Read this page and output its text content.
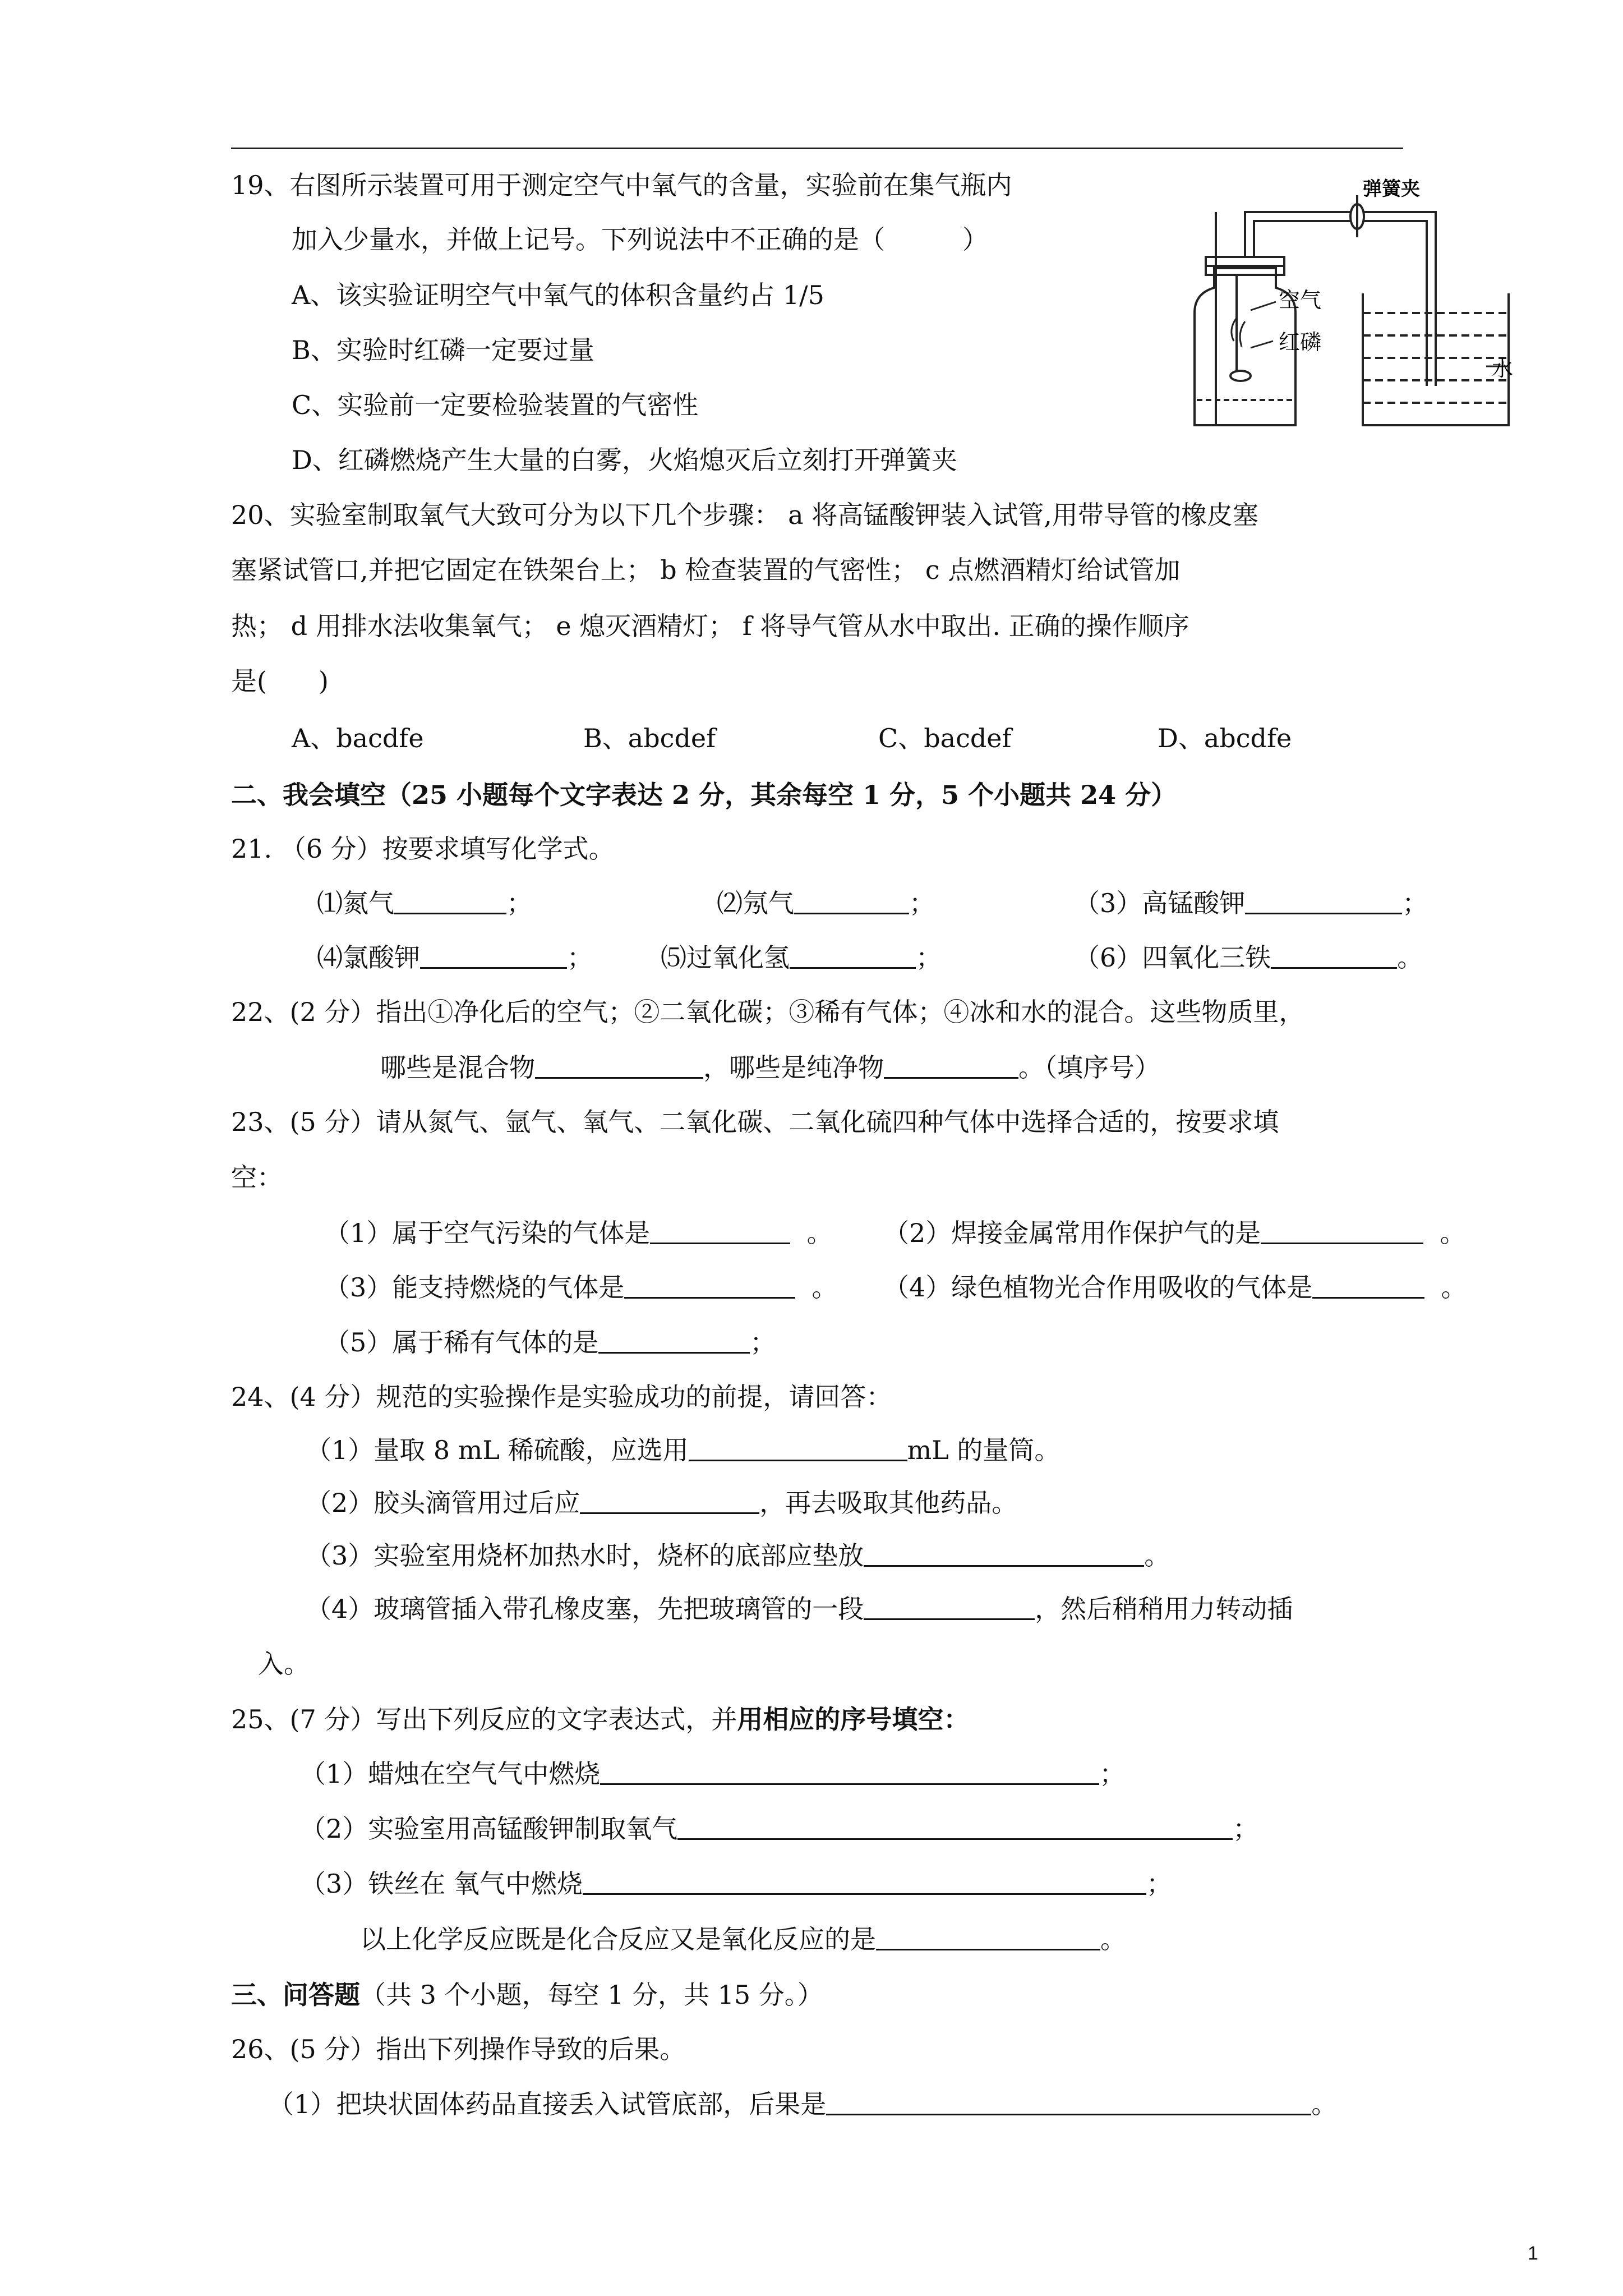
19、右图所示装置可用于测定空气中氧气的含量，实验前在集气瓶内
加入少量水，并做上记号。下列说法中不正确的是（　　　）
A、该实验证明空气中氧气的体积含量约占 1/5
B、实验时红磷一定要过量
C、实验前一定要检验装置的气密性
D、红磷燃烧产生大量的白雾，火焰熄灭后立刻打开弹簧夹
弹簧夹
空气
红磷
水
20、实验室制取氧气大致可分为以下几个步骤： a 将高锰酸钾装入试管,用带导管的橡皮塞
塞紧试管口,并把它固定在铁架台上； b 检查装置的气密性； c 点燃酒精灯给试管加
热； d 用排水法收集氧气； e 熄灭酒精灯； f 将导气管从水中取出. 正确的操作顺序
是(　　)
A、bacdfe	B、abcdef	C、bacdef	D、abcdfe
二、我会填空（25 小题每个文字表达 2 分，其余每空 1 分，5 个小题共 24 分）
21. （6 分）按要求填写化学式。
⑴氮气	；	⑵氖气	；	（3）高锰酸钾	；
⑷氯酸钾	；	⑸过氧化氢	；	（6）四氧化三铁	。
22、(2 分）指出①净化后的空气；②二氧化碳；③稀有气体；④冰和水的混合。这些物质里，
哪些是混合物	，哪些是纯净物	。（填序号）
23、(5 分）请从氮气、氩气、氧气、二氧化碳、二氧化硫四种气体中选择合适的，按要求填
空：
（1）属于空气污染的气体是	。 （2）焊接金属常用作保护气的是	。
（3）能支持燃烧的气体是	。 （4）绿色植物光合作用吸收的气体是	。
（5）属于稀有气体的是	；
24、(4 分）规范的实验操作是实验成功的前提，请回答：
（1）量取 8 mL 稀硫酸，应选用	mL 的量筒。
（2）胶头滴管用过后应	，再去吸取其他药品。
（3）实验室用烧杯加热水时，烧杯的底部应垫放	。
（4）玻璃管插入带孔橡皮塞，先把玻璃管的一段	，然后稍稍用力转动插
入。
25、(7 分）写出下列反应的文字表达式，并用相应的序号填空：
（1）蜡烛在空气气中燃烧	；
（2）实验室用高锰酸钾制取氧气	；
（3）铁丝在 氧气中燃烧	；
以上化学反应既是化合反应又是氧化反应的是	。
三、问答题（共 3 个小题，每空 1 分，共 15 分。）
26、(5 分）指出下列操作导致的后果。
（1）把块状固体药品直接丢入试管底部，后果是	。
1
